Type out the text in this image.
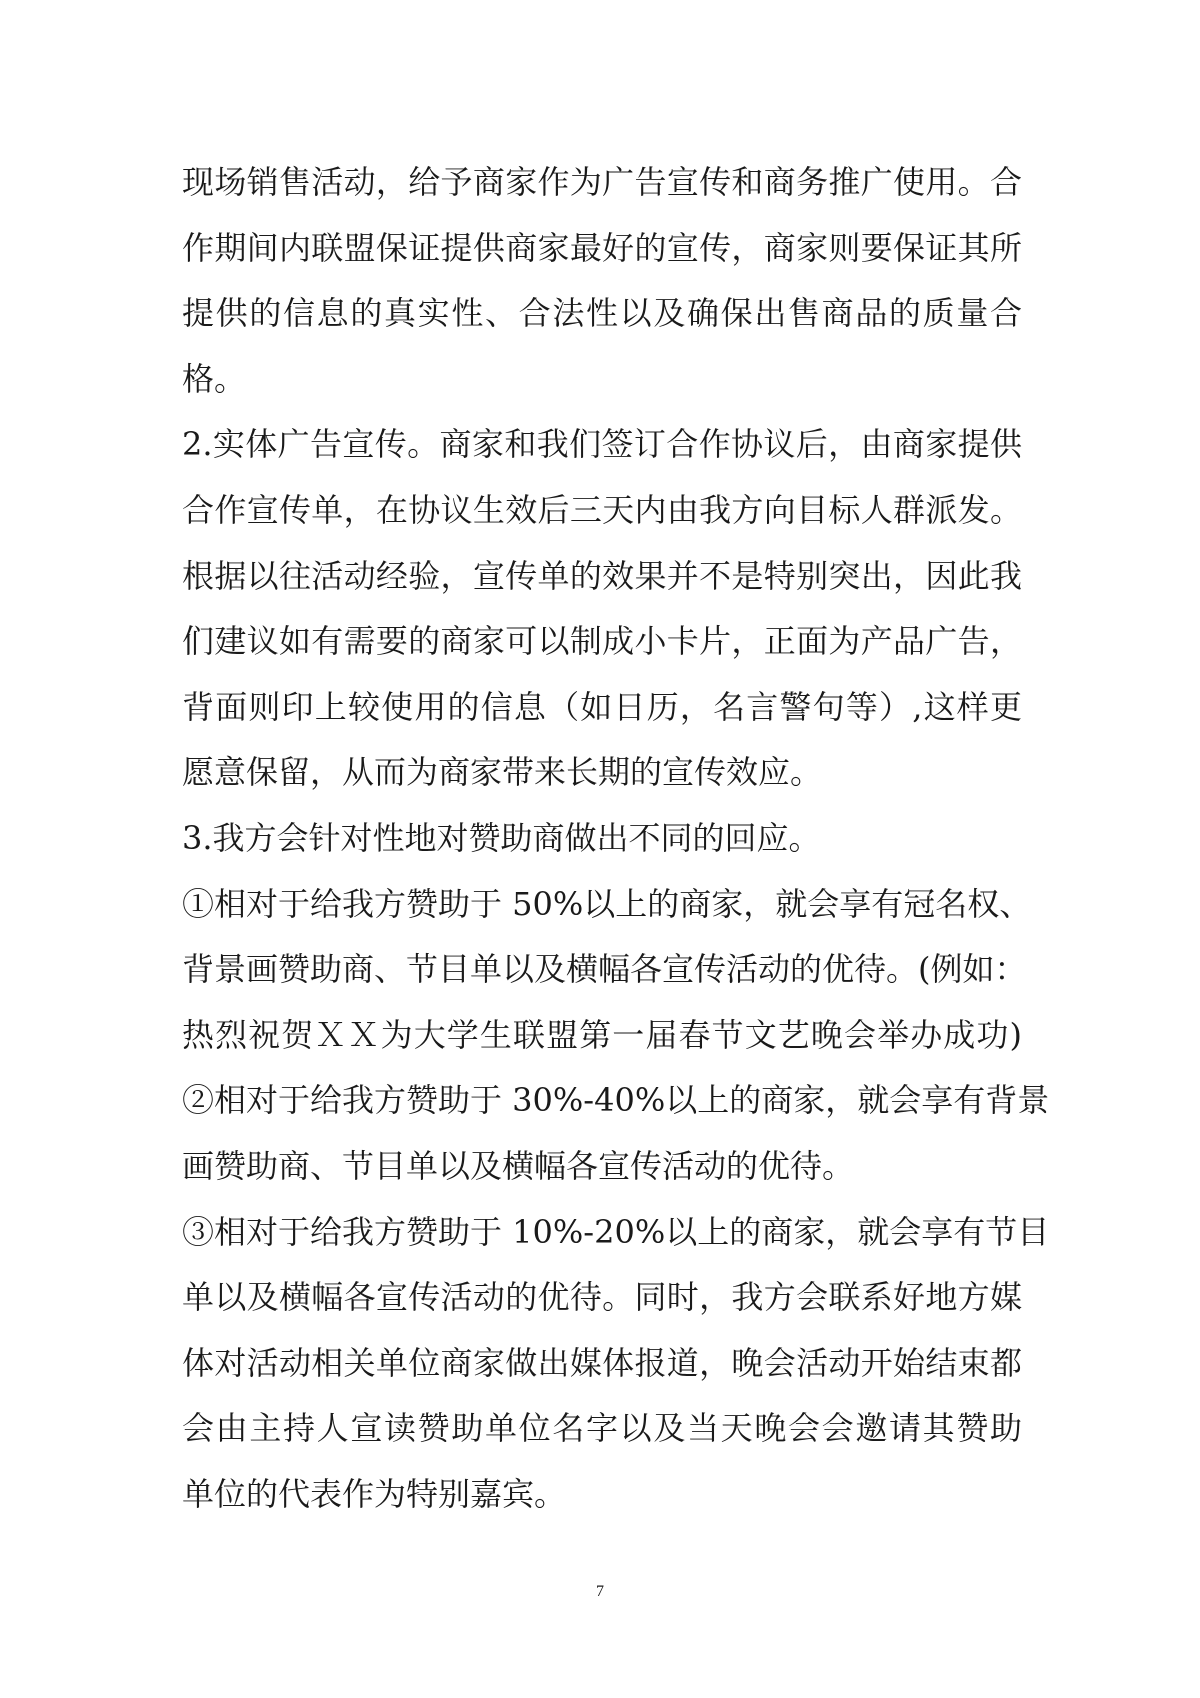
现场销售活动，给予商家作为广告宣传和商务推广使用。合
作期间内联盟保证提供商家最好的宣传，商家则要保证其所
提供的信息的真实性、合法性以及确保出售商品的质量合
格。
2.实体广告宣传。商家和我们签订合作协议后，由商家提供
合作宣传单，在协议生效后三天内由我方向目标人群派发。
根据以往活动经验，宣传单的效果并不是特别突出，因此我
们建议如有需要的商家可以制成小卡片，正面为产品广告，
背面则印上较使用的信息（如日历，名言警句等）,这样更
愿意保留，从而为商家带来长期的宣传效应。
3.我方会针对性地对赞助商做出不同的回应。
①相对于给我方赞助于 50%以上的商家，就会享有冠名权、
背景画赞助商、节目单以及横幅各宣传活动的优待。(例如：
热烈祝贺ＸＸ为大学生联盟第一届春节文艺晚会举办成功)
②相对于给我方赞助于 30%-40%以上的商家，就会享有背景
画赞助商、节目单以及横幅各宣传活动的优待。
③相对于给我方赞助于 10%-20%以上的商家，就会享有节目
单以及横幅各宣传活动的优待。同时，我方会联系好地方媒
体对活动相关单位商家做出媒体报道，晚会活动开始结束都
会由主持人宣读赞助单位名字以及当天晚会会邀请其赞助
单位的代表作为特别嘉宾。
7
